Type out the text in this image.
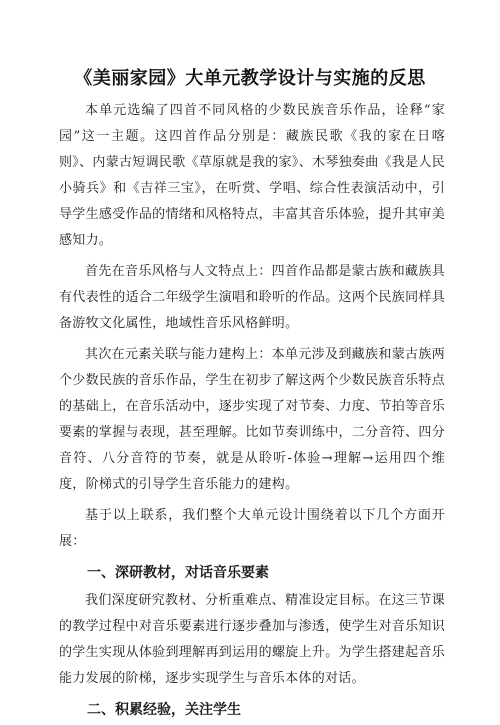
《美丽家园》大单元教学设计与实施的反思

本单元选编了四首不同风格的少数民族音乐作品，诠释“家园”这一主题。这四首作品分别是：藏族民歌《我的家在日喀则》、内蒙古短调民歌《草原就是我的家》、木琴独奏曲《我是人民小骑兵》和《吉祥三宝》，在听赏、学唱、综合性表演活动中，引导学生感受作品的情绪和风格特点，丰富其音乐体验，提升其审美感知力。

首先在音乐风格与人文特点上：四首作品都是蒙古族和藏族具有代表性的适合二年级学生演唱和聆听的作品。这两个民族同样具备游牧文化属性，地域性音乐风格鲜明。

其次在元素关联与能力建构上：本单元涉及到藏族和蒙古族两个少数民族的音乐作品，学生在初步了解这两个少数民族音乐特点的基础上，在音乐活动中，逐步实现了对节奏、力度、节拍等音乐要素的掌握与表现，甚至理解。比如节奏训练中，二分音符、四分音符、八分音符的节奏，就是从聆听-体验→理解→运用四个维度，阶梯式的引导学生音乐能力的建构。

基于以上联系，我们整个大单元设计围绕着以下几个方面开展：

一、深研教材，对话音乐要素

我们深度研究教材、分析重难点、精准设定目标。在这三节课的教学过程中对音乐要素进行逐步叠加与渗透，使学生对音乐知识的学生实现从体验到理解再到运用的螺旋上升。为学生搭建起音乐能力发展的阶梯，逐步实现学生与音乐本体的对话。

二、积累经验，关注学生
